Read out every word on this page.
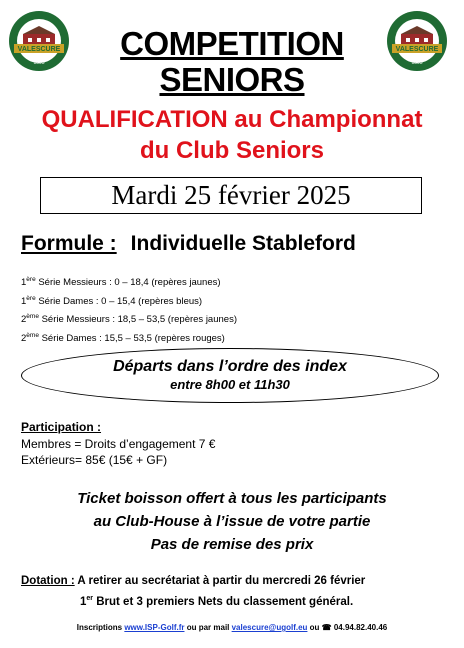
VALESCURE
1895
VALESCURE
1895
COMPETITION
SENIORS
QUALIFICATION au Championnat
du Club Seniors
Mardi 25 février 2025
Formule : Individuelle Stableford
1ère Série Messieurs : 0 – 18,4 (repères jaunes)
1ère Série Dames : 0 – 15,4 (repères bleus)
2ème Série Messieurs : 18,5 – 53,5 (repères jaunes)
2ème Série Dames : 15,5 – 53,5 (repères rouges)
Départs dans l’ordre des index
entre 8h00 et 11h30
Participation :
Membres = Droits d’engagement 7 €
Extérieurs= 85€ (15€ + GF)
Ticket boisson offert à tous les participants
au Club-House à l’issue de votre partie
Pas de remise des prix
Dotation : A retirer au secrétariat à partir du mercredi 26 février
1er Brut et 3 premiers Nets du classement général.
Inscriptions www.ISP-Golf.fr ou par mail valescure@ugolf.eu ou ☎ 04.94.82.40.46
